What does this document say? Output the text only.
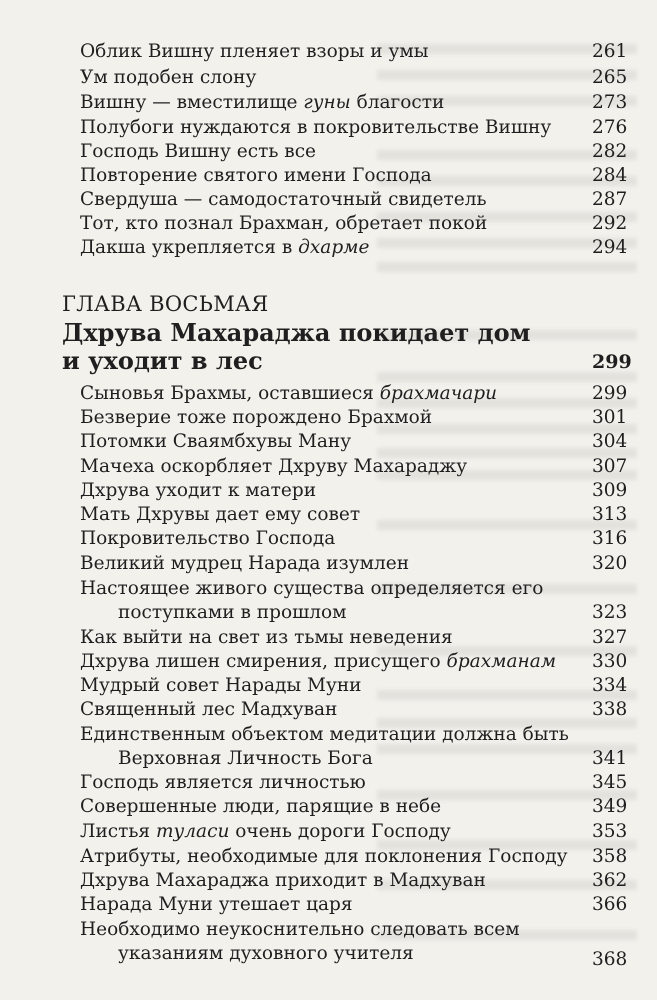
Облик Вишну пленяет взоры и умы	261
Ум подобен слону	265
Вишну — вместилище гуны благости	273
Полубоги нуждаются в покровительстве Вишну 276
Господь Вишну есть все	282
Повторение святого имени Господа	284
Свердуша — самодостаточный свидетель	287
Тот, кто познал Брахман, обретает покой	292
Дакша укрепляется в дхарме	294
ГЛАВА ВОСЬМАЯ
Дхрува Махараджа покидает дом
и уходит в лес	299
Сыновья Брахмы, оставшиеся брахмачари	299
Безверие тоже порождено Брахмой	301
Потомки Сваямбхувы Ману	304
Мачеха оскорбляет Дхруву Махараджу	307
Дхрува уходит к матери	309
Мать Дхрувы дает ему совет	313
Покровительство Господа	316
Великий мудрец Нарада изумлен	320
Настоящее живого существа определяется его
поступками в прошлом	323
Как выйти на свет из тьмы неведения	327
Дхрува лишен смирения, присущего брахманам 330
Мудрый совет Нарады Муни	334
Священный лес Мадхуван	338
Единственным объектом медитации должна быть
Верховная Личность Бога	341
Господь является личностью	345
Совершенные люди, парящие в небе	349
Листья туласи очень дороги Господу	353
Атрибуты, необходимые для поклонения Господу 358
Дхрува Махараджа приходит в Мадхуван	362
Нарада Муни утешает царя	366
Необходимо неукоснительно следовать всем
указаниям духовного учителя	368
